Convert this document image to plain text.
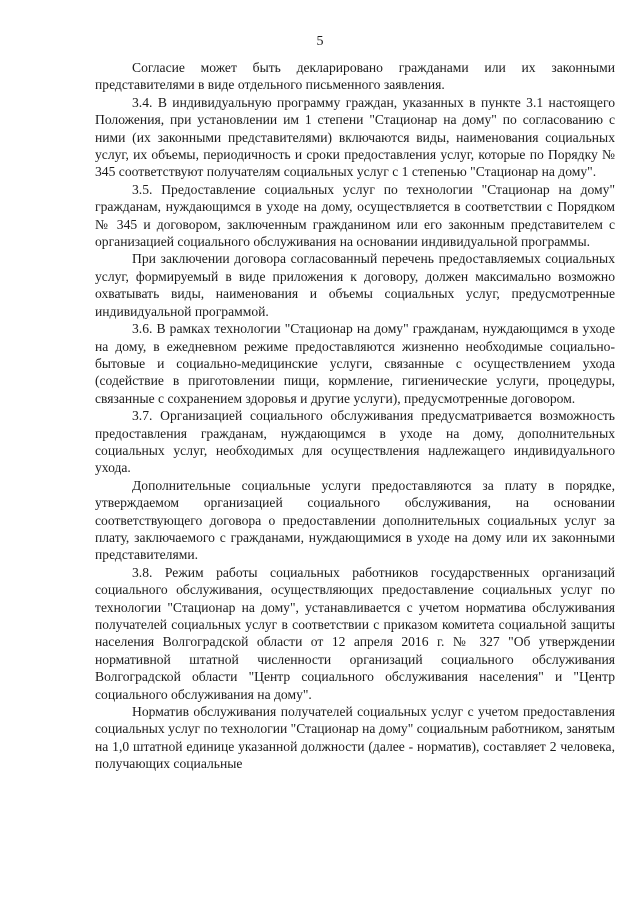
5

Согласие может быть декларировано гражданами или их законными представителями в виде отдельного письменного заявления.

3.4. В индивидуальную программу граждан, указанных в пункте 3.1 настоящего Положения, при установлении им 1 степени "Стационар на дому" по согласованию с ними (их законными представителями) включаются виды, наименования социальных услуг, их объемы, периодичность и сроки предоставления услуг, которые по Порядку № 345 соответствуют получателям социальных услуг с 1 степенью "Стационар на дому".

3.5. Предоставление социальных услуг по технологии "Стационар на дому" гражданам, нуждающимся в уходе на дому, осуществляется в соответствии с Порядком № 345 и договором, заключенным гражданином или его законным представителем с организацией социального обслуживания на основании индивидуальной программы.

При заключении договора согласованный перечень предоставляемых социальных услуг, формируемый в виде приложения к договору, должен максимально возможно охватывать виды, наименования и объемы социальных услуг, предусмотренные индивидуальной программой.

3.6. В рамках технологии "Стационар на дому" гражданам, нуждающимся в уходе на дому, в ежедневном режиме предоставляются жизненно необходимые социально-бытовые и социально-медицинские услуги, связанные с осуществлением ухода (содействие в приготовлении пищи, кормление, гигиенические услуги, процедуры, связанные с сохранением здоровья и другие услуги), предусмотренные договором.

3.7. Организацией социального обслуживания предусматривается возможность предоставления гражданам, нуждающимся в уходе на дому, дополнительных социальных услуг, необходимых для осуществления надлежащего индивидуального ухода.

Дополнительные социальные услуги предоставляются за плату в порядке, утверждаемом организацией социального обслуживания, на основании соответствующего договора о предоставлении дополнительных социальных услуг за плату, заключаемого с гражданами, нуждающимися в уходе на дому или их законными представителями.

3.8. Режим работы социальных работников государственных организаций социального обслуживания, осуществляющих предоставление социальных услуг по технологии "Стационар на дому", устанавливается с учетом норматива обслуживания получателей социальных услуг в соответствии с приказом комитета социальной защиты населения Волгоградской области от 12 апреля 2016 г. № 327 "Об утверждении нормативной штатной численности организаций социального обслуживания Волгоградской области "Центр социального обслуживания населения" и "Центр социального обслуживания на дому".

Норматив обслуживания получателей социальных услуг с учетом предоставления социальных услуг по технологии "Стационар на дому" социальным работником, занятым на 1,0 штатной единице указанной должности (далее - норматив), составляет 2 человека, получающих социальные
